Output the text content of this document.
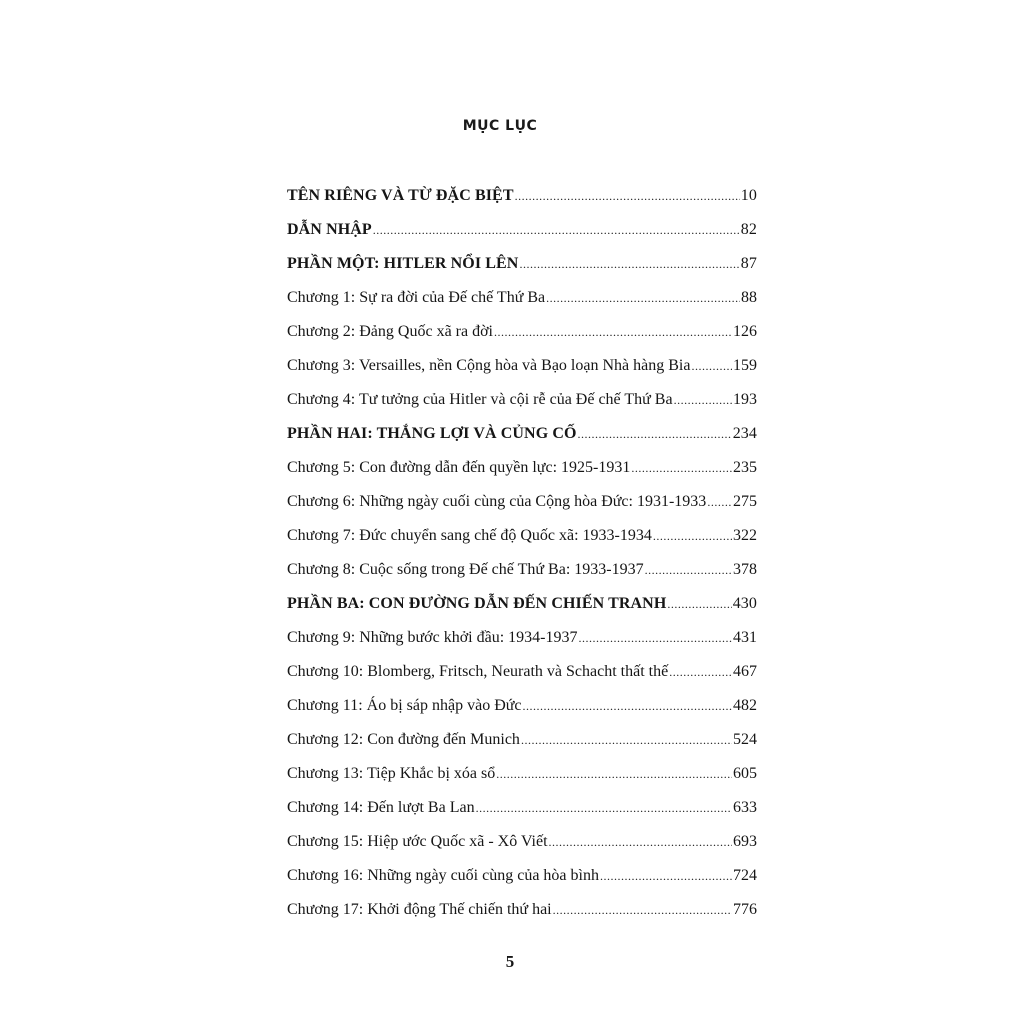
MỤC LỤC
TÊN RIÊNG VÀ TỪ ĐẶC BIỆT .....	10
DẪN NHẬP .....	82
PHẦN MỘT: HITLER NỔI LÊN .....	87
Chương 1: Sự ra đời của Đế chế Thứ Ba .....	88
Chương 2: Đảng Quốc xã ra đời .....	126
Chương 3: Versailles, nền Cộng hòa và Bạo loạn Nhà hàng Bia .....	159
Chương 4: Tư tưởng của Hitler và cội rễ của Đế chế Thứ Ba .....	193
PHẦN HAI: THẮNG LỢI VÀ CỦNG CỐ .....	234
Chương 5: Con đường dẫn đến quyền lực: 1925-1931 .....	235
Chương 6: Những ngày cuối cùng của Cộng hòa Đức: 1931-1933 ..... 275
Chương 7: Đức chuyển sang chế độ Quốc xã: 1933-1934 .....	322
Chương 8: Cuộc sống trong Đế chế Thứ Ba: 1933-1937 .....	378
PHẦN BA: CON ĐƯỜNG DẪN ĐẾN CHIẾN TRANH .....	430
Chương 9: Những bước khởi đầu: 1934-1937 .....	431
Chương 10: Blomberg, Fritsch, Neurath và Schacht thất thế .....	467
Chương 11: Áo bị sáp nhập vào Đức .....	482
Chương 12: Con đường đến Munich .....	524
Chương 13: Tiệp Khắc bị xóa sổ .....	605
Chương 14: Đến lượt Ba Lan .....	633
Chương 15: Hiệp ước Quốc xã - Xô Viết .....	693
Chương 16: Những ngày cuối cùng của hòa bình .....	724
Chương 17: Khởi động Thế chiến thứ hai .....	776
5
